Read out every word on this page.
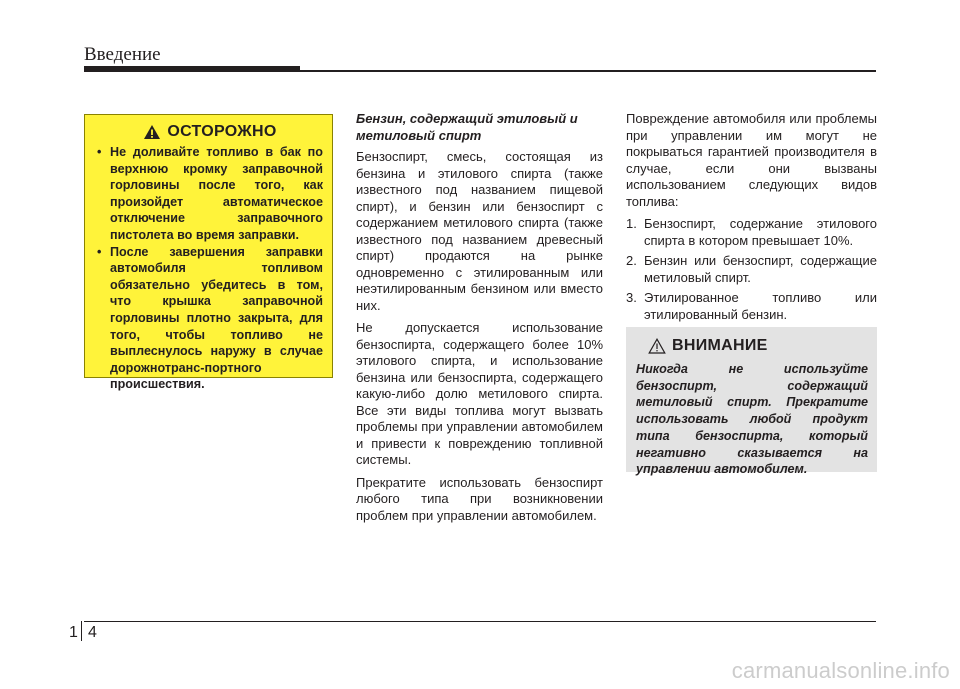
Введение
ОСТОРОЖНО
• Не доливайте топливо в бак по верхнюю кромку заправочной горловины после того, как произойдет автоматическое отключение заправочного пистолета во время заправки.
• После завершения заправки автомобиля топливом обязательно убедитесь в том, что крышка заправочной горловины плотно закрыта, для того, чтобы топливо не выплеснулось наружу в случае дорожнотранс-портного происшествия.

Бензин, содержащий этиловый и метиловый спирт

Бензоспирт, смесь, состоящая из бензина и этилового спирта (также известного под названием пищевой спирт), и бензин или бензоспирт с содержанием метилового спирта (также известного под названием древесный спирт) продаются на рынке одновременно с этилированным или неэтилированным бензином или вместо них.

Не допускается использование бензоспирта, содержащего более 10% этилового спирта, и использование бензина или бензоспирта, содержащего какую-либо долю метилового спирта. Все эти виды топлива могут вызвать проблемы при управлении автомобилем и привести к повреждению топливной системы.

Прекратите использовать бензоспирт любого типа при возникновении проблем при управлении автомобилем.

Повреждение автомобиля или проблемы при управлении им могут не покрываться гарантией производителя в случае, если они вызваны использованием следующих видов топлива:

1. Бензоспирт, содержание этилового спирта в котором превышает 10%.
2. Бензин или бензоспирт, содержащие метиловый спирт.
3. Этилированное топливо или этилированный бензин.
ВНИМАНИЕ
Никогда не используйте бензоспирт, содержащий метиловый спирт. Прекратите использовать любой продукт типа бензоспирта, который негативно сказывается на управлении автомобилем.
1 4
carmanualsonline.info
